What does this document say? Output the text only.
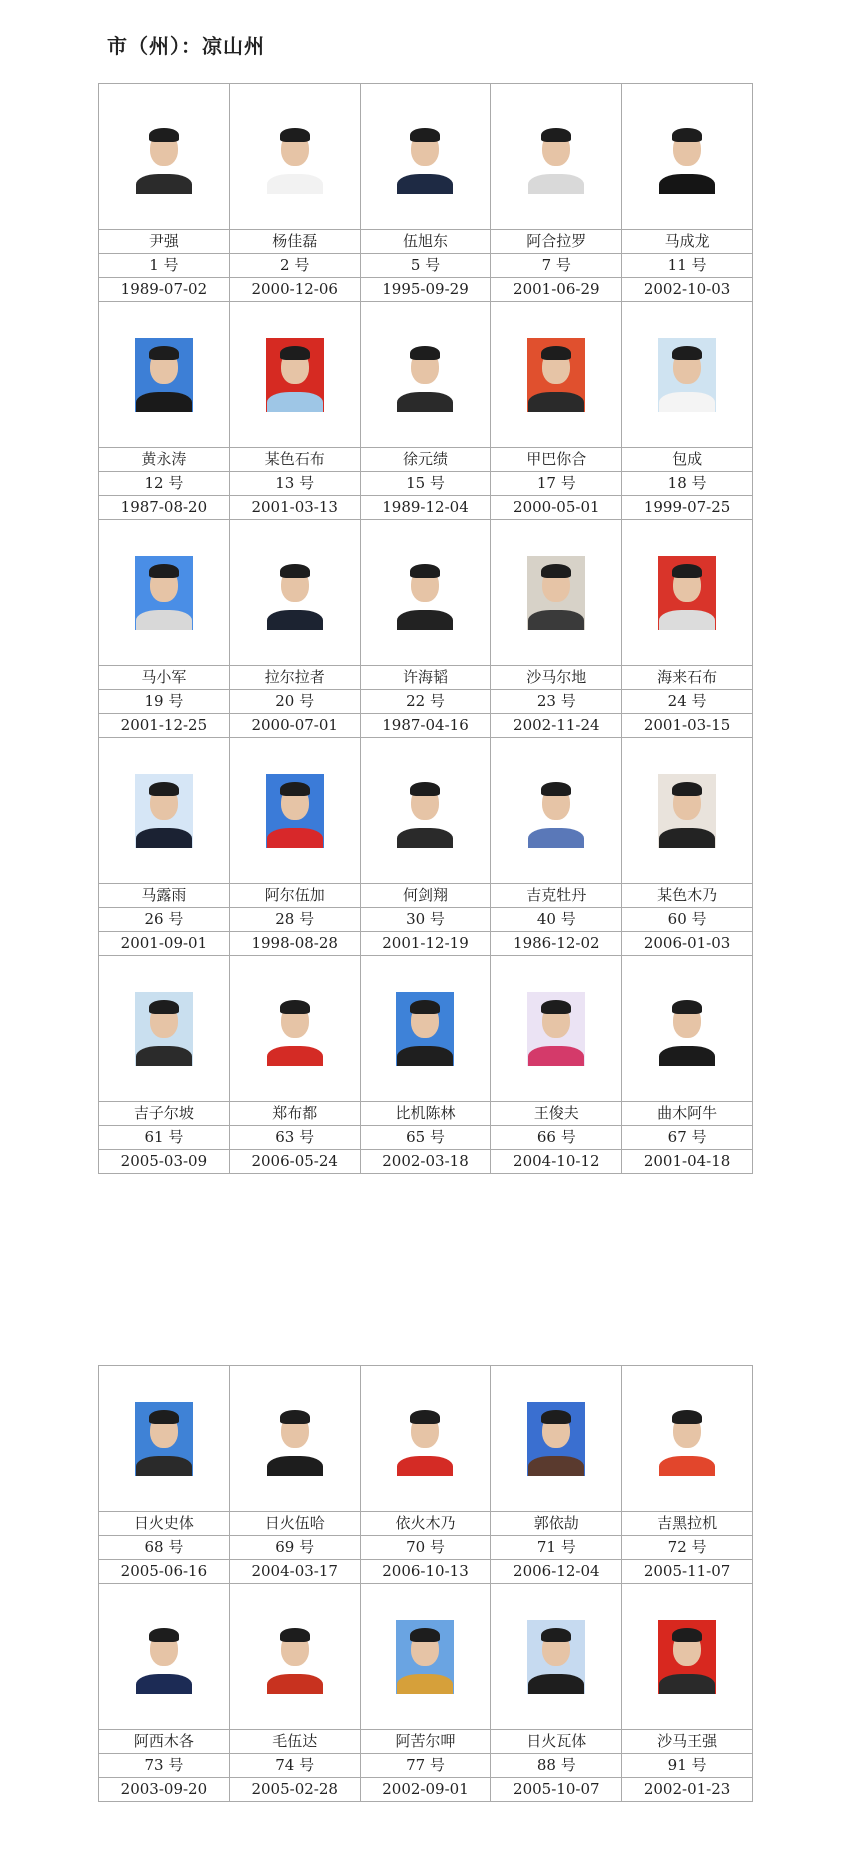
市（州）：凉山州
尹强
1 号
1989-07-02
杨佳磊
2 号
2000-12-06
伍旭东
5 号
1995-09-29
阿合拉罗
7 号
2001-06-29
马成龙
11 号
2002-10-03
黄永涛
12 号
1987-08-20
某色石布
13 号
2001-03-13
徐元绩
15 号
1989-12-04
甲巴你合
17 号
2000-05-01
包成
18 号
1999-07-25
马小军
19 号
2001-12-25
拉尔拉者
20 号
2000-07-01
许海韬
22 号
1987-04-16
沙马尔地
23 号
2002-11-24
海来石布
24 号
2001-03-15
马露雨
26 号
2001-09-01
阿尔伍加
28 号
1998-08-28
何剑翔
30 号
2001-12-19
吉克牡丹
40 号
1986-12-02
某色木乃
60 号
2006-01-03
吉子尔坡
61 号
2005-03-09
郑布都
63 号
2006-05-24
比机陈林
65 号
2002-03-18
王俊夫
66 号
2004-10-12
曲木阿牛
67 号
2001-04-18
日火史体
68 号
2005-06-16
日火伍哈
69 号
2004-03-17
依火木乃
70 号
2006-10-13
郭依劼
71 号
2006-12-04
吉黑拉机
72 号
2005-11-07
阿西木各
73 号
2003-09-20
毛伍达
74 号
2005-02-28
阿苦尔呷
77 号
2002-09-01
日火瓦体
88 号
2005-10-07
沙马王强
91 号
2002-01-23
